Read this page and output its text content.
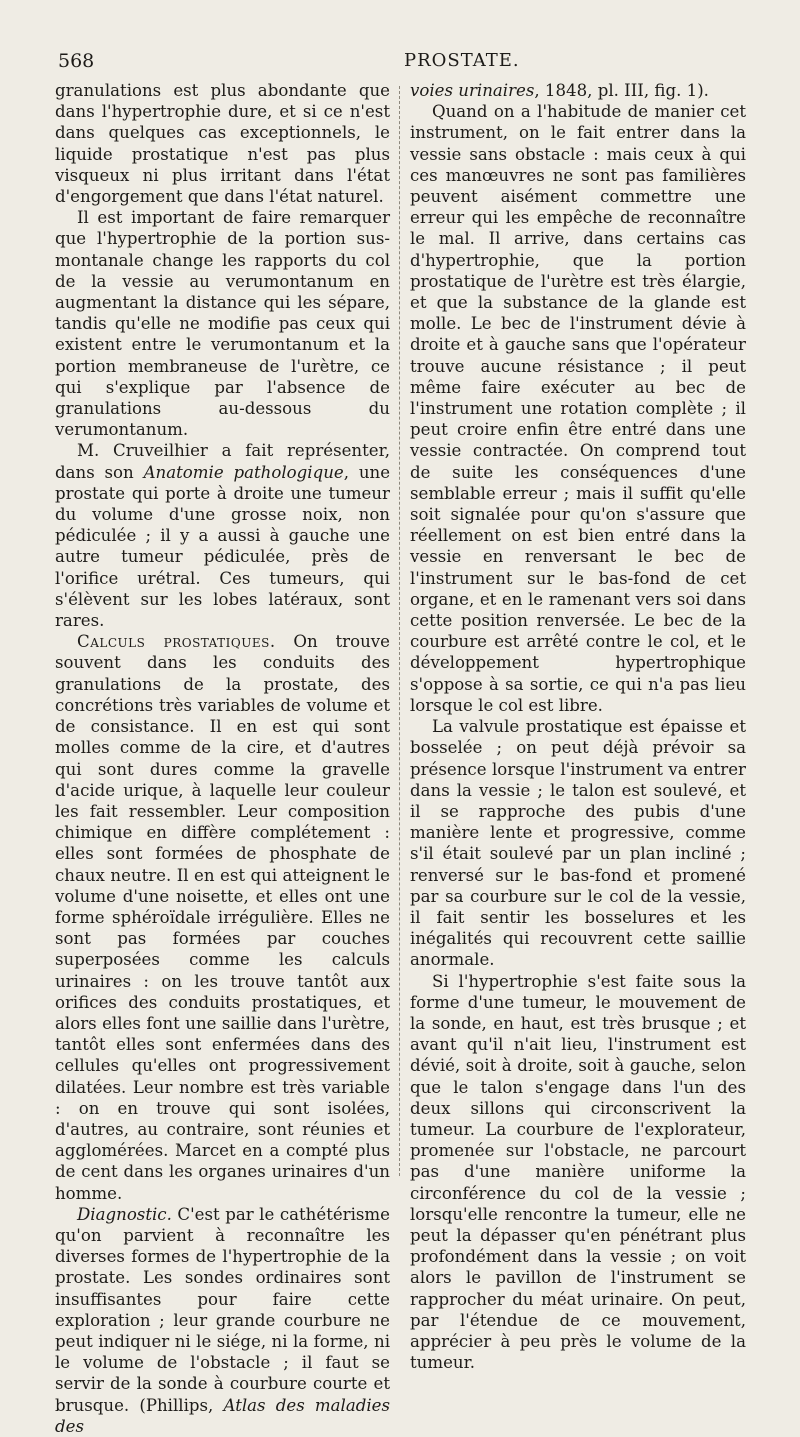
568	PROSTATE.

granulations est plus abondante que dans l'hypertrophie dure, et si ce n'est dans quelques cas exceptionnels, le liquide prostatique n'est pas plus visqueux ni plus irritant dans l'état d'engorgement que dans l'état naturel.

Il est important de faire remarquer que l'hypertrophie de la portion sus-montanale change les rapports du col de la vessie au verumontanum en augmentant la distance qui les sépare, tandis qu'elle ne modifie pas ceux qui existent entre le verumontanum et la portion membraneuse de l'urètre, ce qui s'explique par l'absence de granulations au-dessous du verumontanum.

M. Cruveilhier a fait représenter, dans son Anatomie pathologique, une prostate qui porte à droite une tumeur du volume d'une grosse noix, non pédiculée ; il y a aussi à gauche une autre tumeur pédiculée, près de l'orifice urétral. Ces tumeurs, qui s'élèvent sur les lobes latéraux, sont rares.

Calculs prostatiques. On trouve souvent dans les conduits des granulations de la prostate, des concrétions très variables de volume et de consistance. Il en est qui sont molles comme de la cire, et d'autres qui sont dures comme la gravelle d'acide urique, à laquelle leur couleur les fait ressembler. Leur composition chimique en diffère complétement : elles sont formées de phosphate de chaux neutre. Il en est qui atteignent le volume d'une noisette, et elles ont une forme sphéroïdale irrégulière. Elles ne sont pas formées par couches superposées comme les calculs urinaires : on les trouve tantôt aux orifices des conduits prostatiques, et alors elles font une saillie dans l'urètre, tantôt elles sont enfermées dans des cellules qu'elles ont progressivement dilatées. Leur nombre est très variable : on en trouve qui sont isolées, d'autres, au contraire, sont réunies et agglomérées. Marcet en a compté plus de cent dans les organes urinaires d'un homme.

Diagnostic. C'est par le cathétérisme qu'on parvient à reconnaître les diverses formes de l'hypertrophie de la prostate. Les sondes ordinaires sont insuffisantes pour faire cette exploration ; leur grande courbure ne peut indiquer ni le siége, ni la forme, ni le volume de l'obstacle ; il faut se servir de la sonde à courbure courte et brusque. (Phillips, Atlas des maladies des

voies urinaires, 1848, pl. III, fig. 1).

Quand on a l'habitude de manier cet instrument, on le fait entrer dans la vessie sans obstacle : mais ceux à qui ces manœuvres ne sont pas familières peuvent aisément commettre une erreur qui les empêche de reconnaître le mal. Il arrive, dans certains cas d'hypertrophie, que la portion prostatique de l'urètre est très élargie, et que la substance de la glande est molle. Le bec de l'instrument dévie à droite et à gauche sans que l'opérateur trouve aucune résistance ; il peut même faire exécuter au bec de l'instrument une rotation complète ; il peut croire enfin être entré dans une vessie contractée. On comprend tout de suite les conséquences d'une semblable erreur ; mais il suffit qu'elle soit signalée pour qu'on s'assure que réellement on est bien entré dans la vessie en renversant le bec de l'instrument sur le bas-fond de cet organe, et en le ramenant vers soi dans cette position renversée. Le bec de la courbure est arrêté contre le col, et le développement hypertrophique s'oppose à sa sortie, ce qui n'a pas lieu lorsque le col est libre.

La valvule prostatique est épaisse et bosselée ; on peut déjà prévoir sa présence lorsque l'instrument va entrer dans la vessie ; le talon est soulevé, et il se rapproche des pubis d'une manière lente et progressive, comme s'il était soulevé par un plan incliné ; renversé sur le bas-fond et promené par sa courbure sur le col de la vessie, il fait sentir les bosselures et les inégalités qui recouvrent cette saillie anormale.

Si l'hypertrophie s'est faite sous la forme d'une tumeur, le mouvement de la sonde, en haut, est très brusque ; et avant qu'il n'ait lieu, l'instrument est dévié, soit à droite, soit à gauche, selon que le talon s'engage dans l'un des deux sillons qui circonscrivent la tumeur. La courbure de l'explorateur, promenée sur l'obstacle, ne parcourt pas d'une manière uniforme la circonférence du col de la vessie ; lorsqu'elle rencontre la tumeur, elle ne peut la dépasser qu'en pénétrant plus profondément dans la vessie ; on voit alors le pavillon de l'instrument se rapprocher du méat urinaire. On peut, par l'étendue de ce mouvement, apprécier à peu près le volume de la tumeur.
